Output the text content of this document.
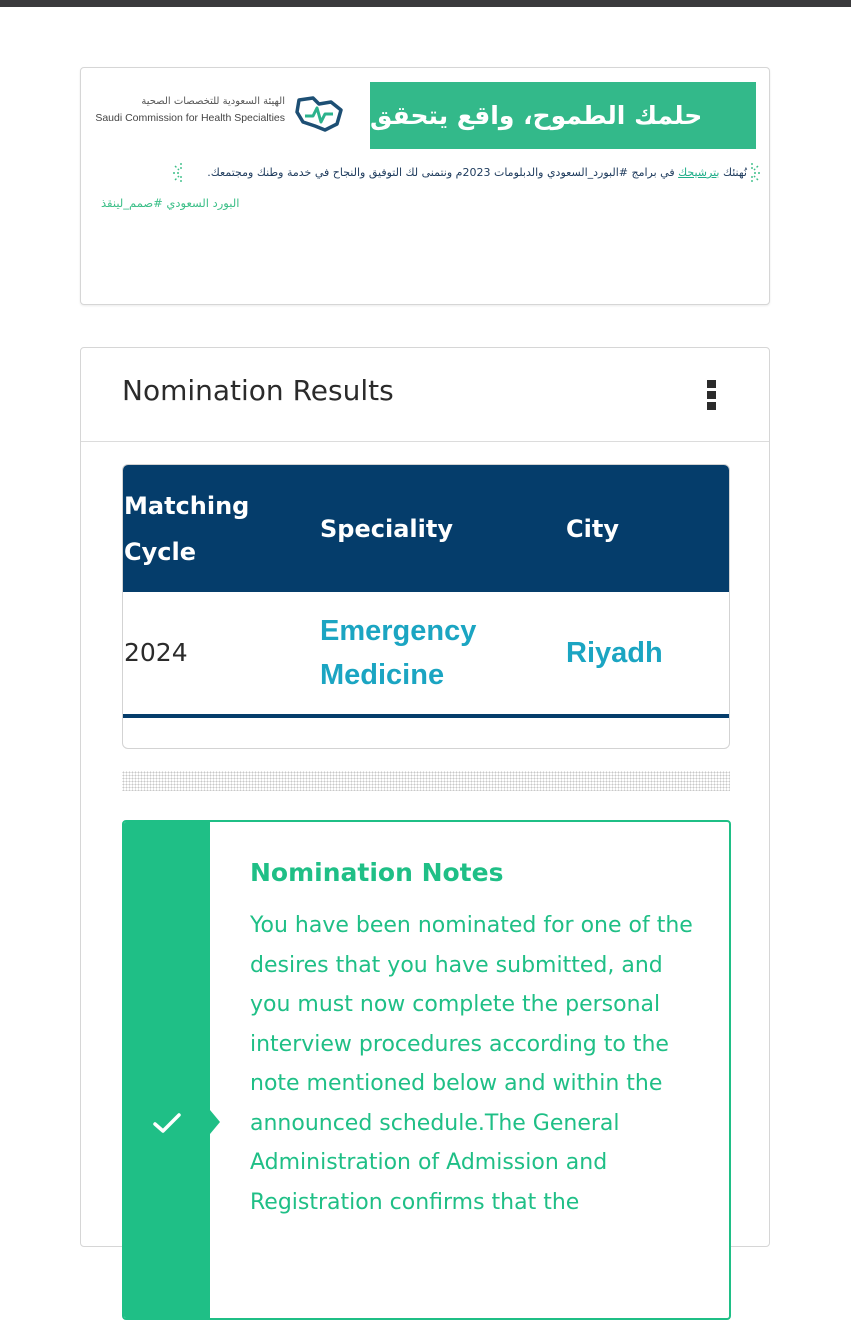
الهيئة السعودية للتخصصات الصحية
Saudi Commission for Health Specialties	حلمك الطموح، واقع يتحقق
نُهنئك بترشيحك في برامج #البورد_السعودي والدبلومات 2023م ونتمنى لك التوفيق والنجاح في خدمة وطنك ومجتمعك.
البورد السعودي #صمم_لينقذ
Nomination Results
Matching Cycle	Speciality	City
2024	Emergency Medicine	Riyadh
Nomination Notes
You have been nominated for one of the desires that you have submitted, and you must now complete the personal interview procedures according to the note mentioned below and within the announced schedule.The General Administration of Admission and Registration confirms that the
